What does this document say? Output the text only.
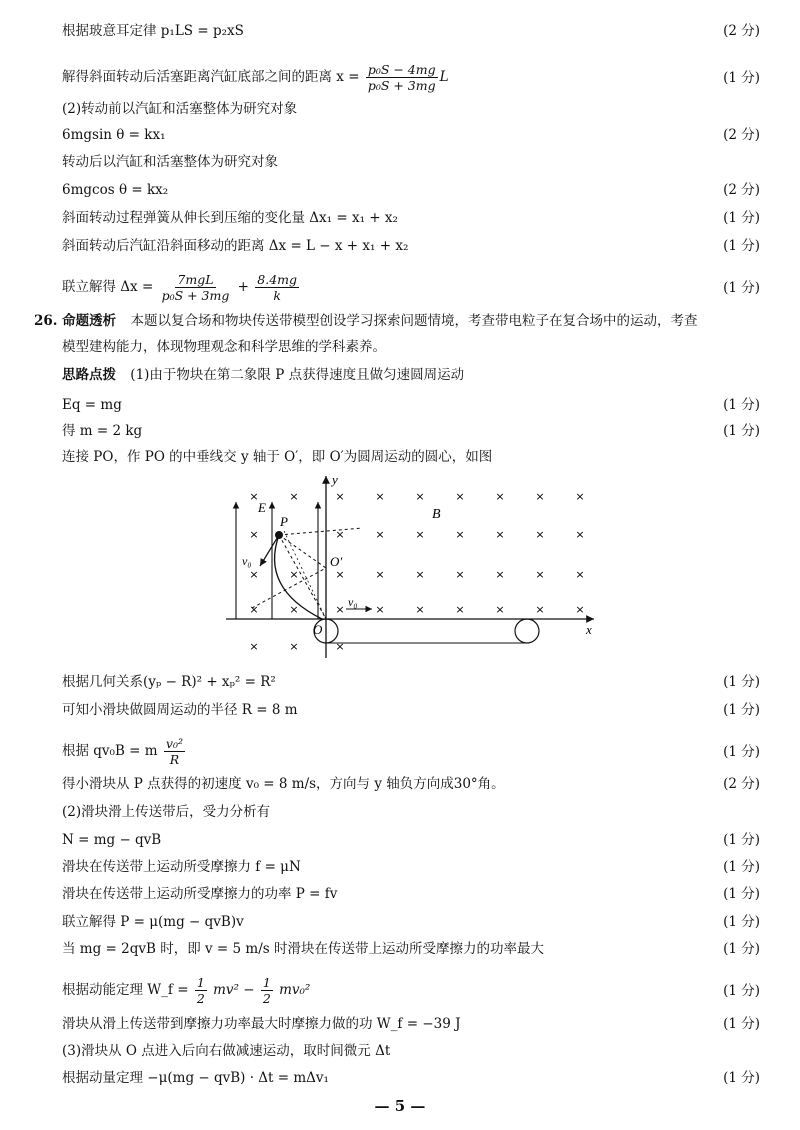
根据玻意耳定律 p₁LS = p₂xS	(2 分)
解得斜面转动后活塞距离汽缸底部之间的距离 $x = \frac{\text{p₀S − 4mg}}{\text{p₀S + 3mg}}$ L	(1 分)
(2)转动前以汽缸和活塞整体为研究对象
6mgsin θ = kx₁	(2 分)
转动后以汽缸和活塞整体为研究对象
6mgcos θ = kx₂	(2 分)
斜面转动过程弹簧从伸长到压缩的变化量 Δx₁ = x₁ + x₂	(1 分)
斜面转动后汽缸沿斜面移动的距离 Δx = L − x + x₁ + x₂	(1 分)
联立解得 $\Delta x = \frac{\text{7mgL}}{\text{p₀S + 3mg}} + \frac{8.4mg}{k}$	(1 分)
26. 命题透析 本题以复合场和物块传送带模型创设学习探索问题情境，考查带电粒子在复合场中的运动，考查
模型建构能力，体现物理观念和科学思维的学科素养。
思路点拨 (1)由于物块在第二象限 P 点获得速度且做匀速圆周运动
Eq = mg	(1 分)
得 m = 2 kg	(1 分)
连接 PO，作 PO 的中垂线交 y 轴于 O′，即 O′为圆周运动的圆心，如图
E
P
v₀	O′
O
B
x
y
v₀
×
×
×
×
×
×
×
×
×
×
×
×
×
×
×
×
×
×
×
×
×
×
×
×
×
×
×
×
×
×
×
×
×
×
×
×	×	×
根据几何关系(yₚ − R)² + xₚ² = R²	(1 分)
可知小滑块做圆周运动的半径 R = 8 m	(1 分)
根据 qv₀B = m $\frac{\text{v₀²}}{R}$	(1 分)
得小滑块从 P 点获得的初速度 v₀ = 8 m/s，方向与 y 轴负方向成30°角。	(2 分)
(2)滑块滑上传送带后，受力分析有
N = mg − qvB	(1 分)
滑块在传送带上运动所受摩擦力 f = μN	(1 分)
滑块在传送带上运动所受摩擦力的功率 P = fv	(1 分)
联立解得 P = μ(mg − qvB)v	(1 分)
当 mg = 2qvB 时，即 v = 5 m/s 时滑块在传送带上运动所受摩擦力的功率最大	(1 分)
根据动能定理 W_f = $\frac{1}{2} mv^2 - \frac{1}{2} mv_0^2$	(1 分)
滑块从滑上传送带到摩擦力功率最大时摩擦力做的功 W_f = −39 J	(1 分)
(3)滑块从 O 点进入后向右做减速运动，取时间微元 Δt
根据动量定理 −μ(mg − qvB) · Δt = mΔv₁	(1 分)
— 5 —
